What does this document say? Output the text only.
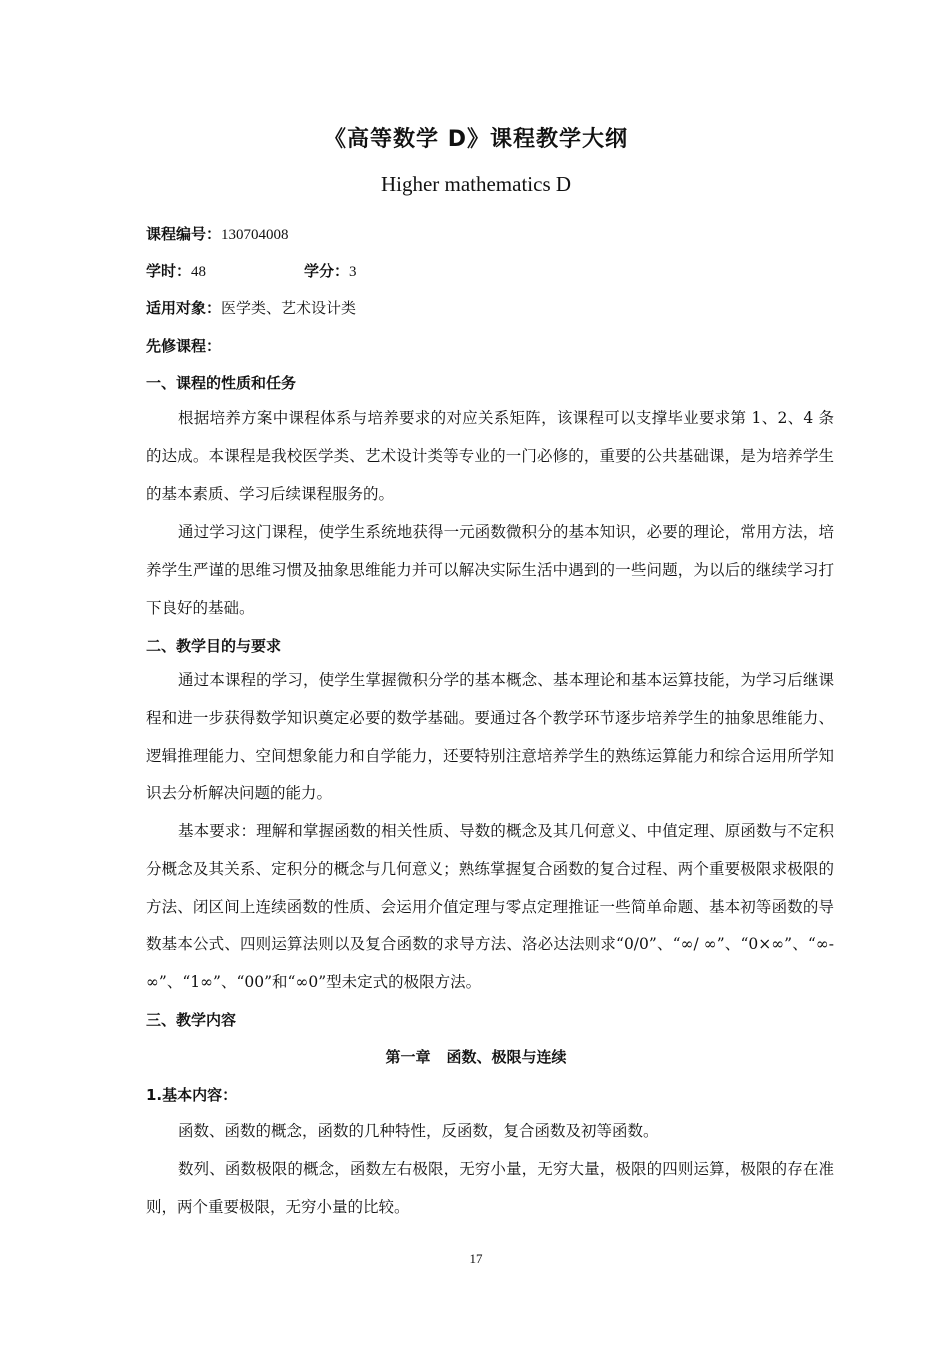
《高等数学 D》课程教学大纲
Higher mathematics D
课程编号：130704008
学时：48	学分：3
适用对象：医学类、艺术设计类
先修课程：
一、课程的性质和任务
根据培养方案中课程体系与培养要求的对应关系矩阵，该课程可以支撑毕业要求第 1、2、4 条的达成。本课程是我校医学类、艺术设计类等专业的一门必修的，重要的公共基础课，是为培养学生的基本素质、学习后续课程服务的。
通过学习这门课程，使学生系统地获得一元函数微积分的基本知识，必要的理论，常用方法，培养学生严谨的思维习惯及抽象思维能力并可以解决实际生活中遇到的一些问题，为以后的继续学习打下良好的基础。
二、教学目的与要求
通过本课程的学习，使学生掌握微积分学的基本概念、基本理论和基本运算技能，为学习后继课程和进一步获得数学知识奠定必要的数学基础。要通过各个教学环节逐步培养学生的抽象思维能力、逻辑推理能力、空间想象能力和自学能力，还要特别注意培养学生的熟练运算能力和综合运用所学知识去分析解决问题的能力。
基本要求：理解和掌握函数的相关性质、导数的概念及其几何意义、中值定理、原函数与不定积分概念及其关系、定积分的概念与几何意义；熟练掌握复合函数的复合过程、两个重要极限求极限的方法、闭区间上连续函数的性质、会运用介值定理与零点定理推证一些简单命题、基本初等函数的导数基本公式、四则运算法则以及复合函数的求导方法、洛必达法则求“0/0”、“∞/ ∞”、“0×∞”、“∞-∞”、“1∞”、“00”和“∞0”型未定式的极限方法。
三、教学内容
第一章 函数、极限与连续
1.基本内容：
函数、函数的概念，函数的几种特性，反函数，复合函数及初等函数。
数列、函数极限的概念，函数左右极限，无穷小量，无穷大量，极限的四则运算，极限的存在准则，两个重要极限，无穷小量的比较。
17
